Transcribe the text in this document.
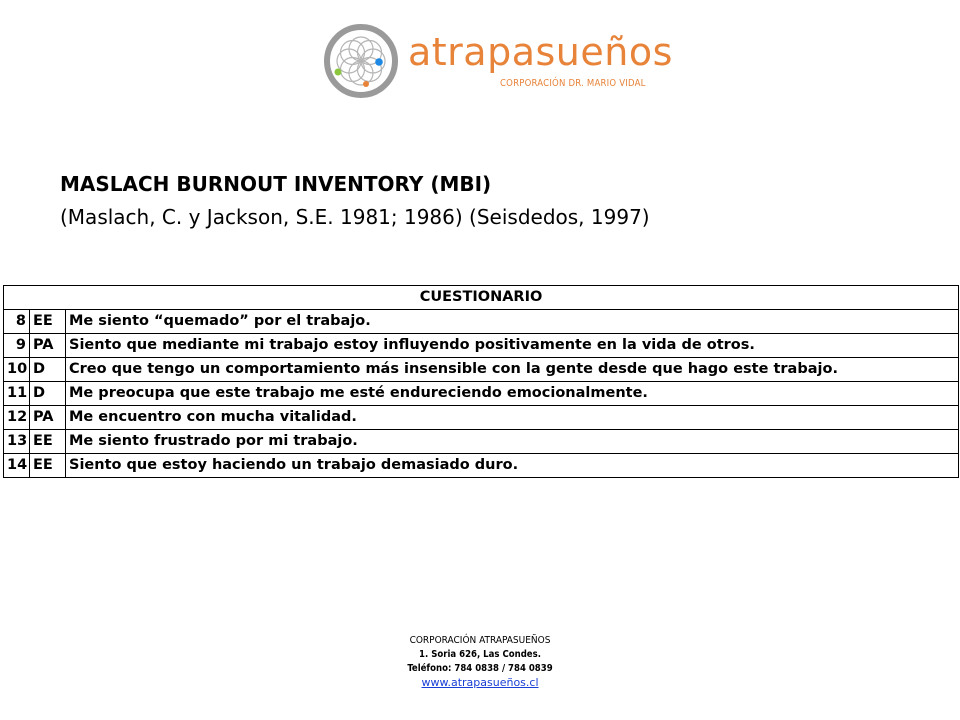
atrapasueños
CORPORACIÓN DR. MARIO VIDAL
MASLACH BURNOUT INVENTORY (MBI)
(Maslach, C. y Jackson, S.E. 1981; 1986) (Seisdedos, 1997)
CUESTIONARIO		
8	EE	Me siento “quemado” por el trabajo.
9	PA	Siento que mediante mi trabajo estoy influyendo positivamente en la vida de otros.
10	D	Creo que tengo un comportamiento más insensible con la gente desde que hago este trabajo.
11	D	Me preocupa que este trabajo me esté endureciendo emocionalmente.
12	PA	Me encuentro con mucha vitalidad.
13	EE	Me siento frustrado por mi trabajo.
14	EE	Siento que estoy haciendo un trabajo demasiado duro.
CORPORACIÓN ATRAPASUEÑOS
1. Soria 626, Las Condes.
Teléfono: 784 0838 / 784 0839
www.atrapasueños.cl
